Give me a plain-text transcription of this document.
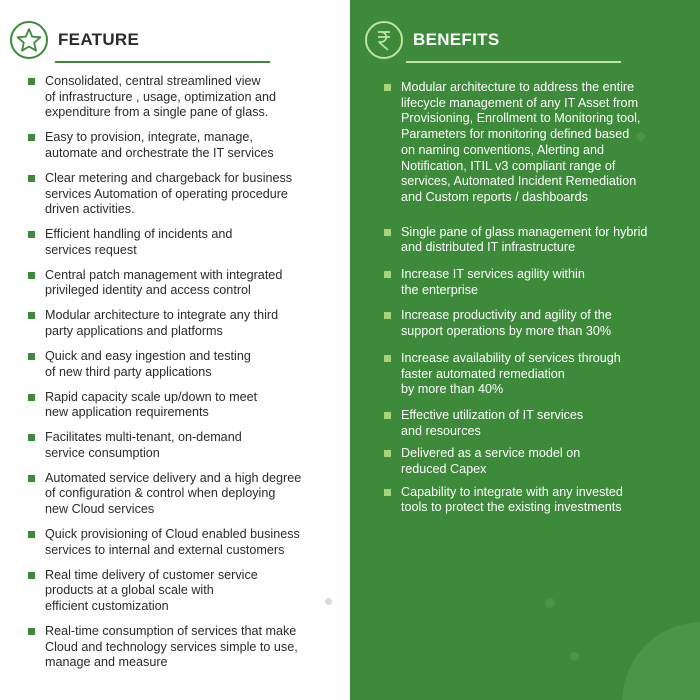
FEATURE
Consolidated, central streamlined view
of infrastructure , usage, optimization and
expenditure from a single pane of glass.
Easy to provision, integrate, manage,
automate and orchestrate the IT services
Clear metering and chargeback for business
services Automation of operating procedure
driven activities.
Efficient handling of incidents and
services request
Central patch management with integrated
privileged identity and access control
Modular architecture to integrate any third
party applications and platforms
Quick and easy ingestion and testing
of new third party applications
Rapid capacity scale up/down to meet
new application requirements
Facilitates multi-tenant, on-demand
service consumption
Automated service delivery and a high degree
of configuration & control when deploying
new Cloud services
Quick provisioning of Cloud enabled business
services to internal and external customers
Real time delivery of customer service
products at a global scale with
efficient customization
Real-time consumption of services that make
Cloud and technology services simple to use,
manage and measure
BENEFITS
Modular architecture to address the entire
lifecycle management of any IT Asset from
Provisioning, Enrollment to Monitoring tool,
Parameters for monitoring defined based
on naming conventions, Alerting and
Notification, ITIL v3 compliant range of
services, Automated Incident Remediation
and Custom reports / dashboards
Single pane of glass management for hybrid
and distributed IT infrastructure
Increase IT services agility within
the enterprise
Increase productivity and agility of the
support operations by more than 30%
Increase availability of services through
faster automated remediation
by more than 40%
Effective utilization of IT services
and resources
Delivered as a service model on
reduced Capex
Capability to integrate with any invested
tools to protect the existing investments
